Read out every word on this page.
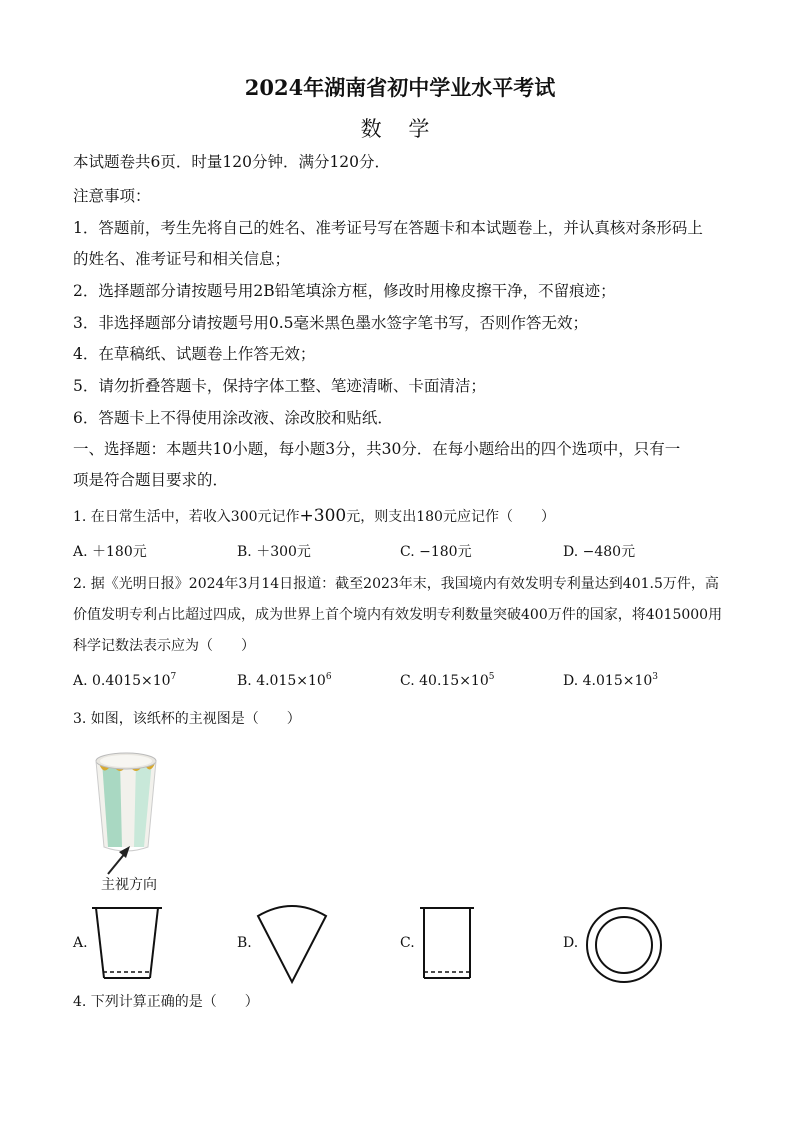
2024年湖南省初中学业水平考试
数 学
本试题卷共6页．时量120分钟．满分120分．
注意事项：
1．答题前，考生先将自己的姓名、准考证号写在答题卡和本试题卷上，并认真核对条形码上
的姓名、准考证号和相关信息；
2．选择题部分请按题号用2B铅笔填涂方框，修改时用橡皮擦干净，不留痕迹；
3．非选择题部分请按题号用0.5毫米黑色墨水签字笔书写，否则作答无效；
4．在草稿纸、试题卷上作答无效；
5．请勿折叠答题卡，保持字体工整、笔迹清晰、卡面清洁；
6．答题卡上不得使用涂改液、涂改胶和贴纸．
一、选择题：本题共10小题，每小题3分，共30分．在每小题给出的四个选项中，只有一
项是符合题目要求的．
1. 在日常生活中，若收入300元记作+300元，则支出180元应记作（　　）
A. ＋180元	B. ＋300元	C. −180元	D. −480元
2. 据《光明日报》2024年3月14日报道：截至2023年末，我国境内有效发明专利量达到401.5万件，高
价值发明专利占比超过四成，成为世界上首个境内有效发明专利数量突破400万件的国家，将4015000用
科学记数法表示应为（　　）
A. $0.4015\times 10^7$	B. $4.015\times 10^6$	C. $40.15\times 10^5$	D. $4.015\times 10^3$
3. 如图，该纸杯的主视图是（　　）
主视方向
A.	B.	C.	D.
4. 下列计算正确的是（　　）
